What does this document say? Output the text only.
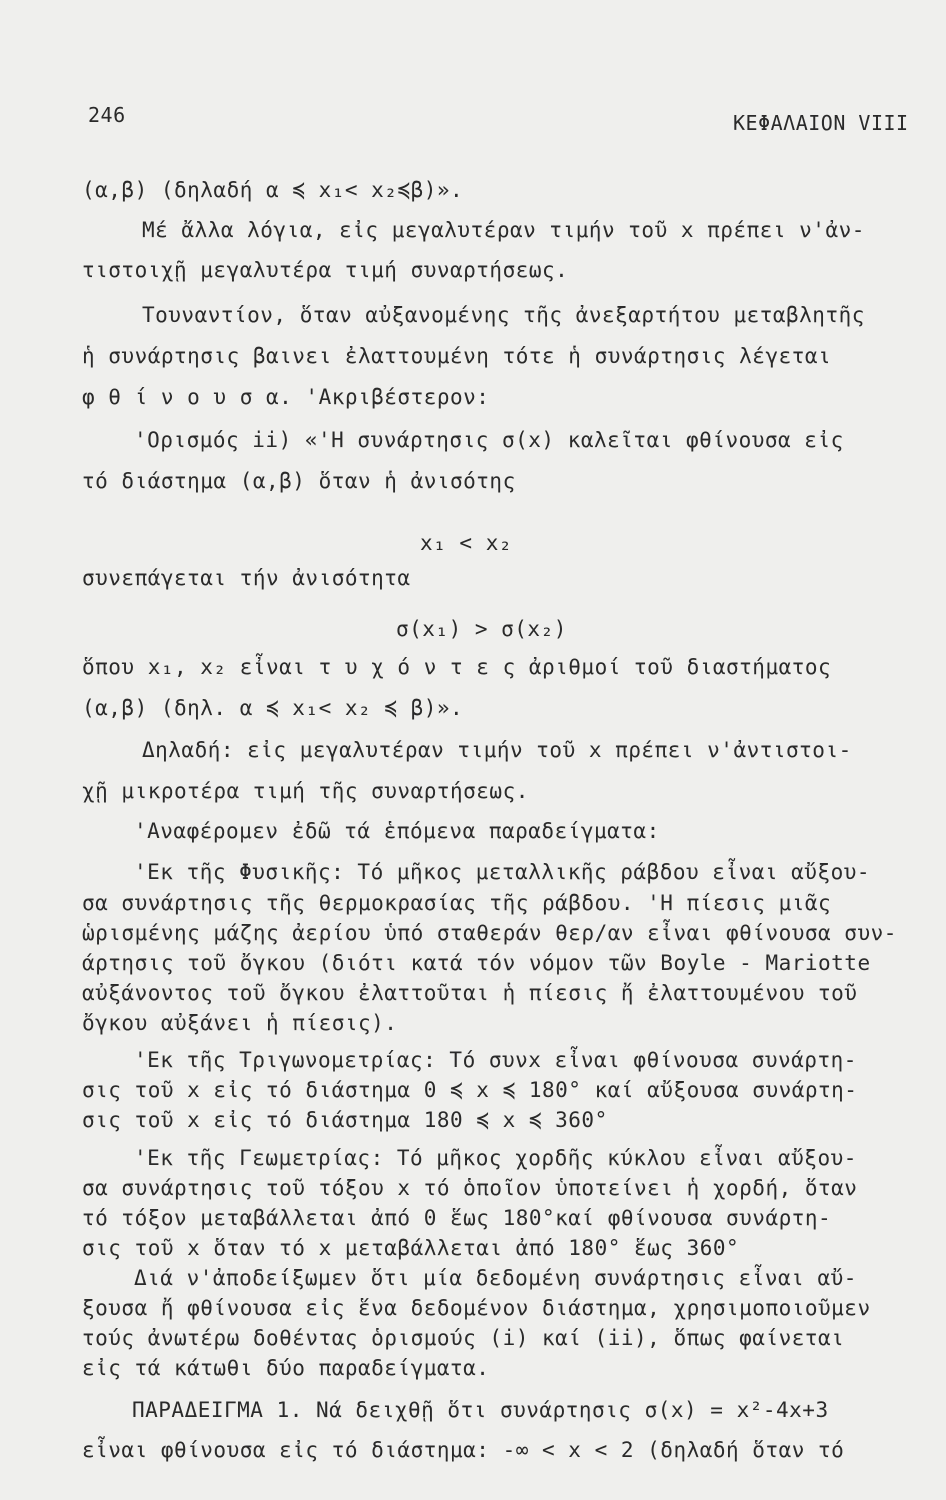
246	ΚΕΦΑΛΑΙΟΝ VIII
(α,β) (δηλαδή α ≼ x₁< x₂≼β)».
Μέ ἄλλα λόγια, εἰς μεγαλυτέραν τιμήν τοῦ x πρέπει ν'ἀν-
τιστοιχῇ μεγαλυτέρα τιμή συναρτήσεως.
Τουναντίον, ὅταν αὐξανομένης τῆς ἀνεξαρτήτου μεταβλητῆς
ἡ συνάρτησις βαινει ἐλαττουμένη τότε ἡ συνάρτησις λέγεται
φ θ ί ν ο υ σ α. 'Ακριβέστερον:
'Ορισμός ii) «'Η συνάρτησις σ(x) καλεῖται φθίνουσα εἰς
τό διάστημα (α,β) ὅταν ἡ ἀνισότης
x₁ < x₂
συνεπάγεται τήν ἀνισότητα
σ(x₁) > σ(x₂)
ὅπου x₁, x₂ εἶναι τ υ χ ό ν τ ε ς ἀριθμοί τοῦ διαστήματος
(α,β) (δηλ. α ≼ x₁< x₂ ≼ β)».
Δηλαδή: εἰς μεγαλυτέραν τιμήν τοῦ x πρέπει ν'ἀντιστοι-
χῇ μικροτέρα τιμή τῆς συναρτήσεως.
'Αναφέρομεν ἐδῶ τά ἑπόμενα παραδείγματα:
'Εκ τῆς Φυσικῆς: Τό μῆκος μεταλλικῆς ράβδου εἶναι αὔξου-
σα συνάρτησις τῆς θερμοκρασίας τῆς ράβδου. 'Η πίεσις μιᾶς
ὡρισμένης μάζης ἀερίου ὑπό σταθεράν θερ/αν εἶναι φθίνουσα συν-
άρτησις τοῦ ὄγκου (διότι κατά τόν νόμον τῶν Boyle - Mariotte
αὐξάνοντος τοῦ ὄγκου ἐλαττοῦται ἡ πίεσις ἤ ἐλαττουμένου τοῦ
ὄγκου αὐξάνει ἡ πίεσις).
'Εκ τῆς Τριγωνομετρίας: Τό συνx εἶναι φθίνουσα συνάρτη-
σις τοῦ x εἰς τό διάστημα 0 ≼ x ≼ 180° καί αὔξουσα συνάρτη-
σις τοῦ x εἰς τό διάστημα 180 ≼ x ≼ 360°
'Εκ τῆς Γεωμετρίας: Τό μῆκος χορδῆς κύκλου εἶναι αὔξου-
σα συνάρτησις τοῦ τόξου x τό ὁποῖον ὑποτείνει ἡ χορδή, ὅταν
τό τόξον μεταβάλλεται ἀπό 0 ἕως 180°καί φθίνουσα συνάρτη-
σις τοῦ x ὅταν τό x μεταβάλλεται ἀπό 180° ἕως 360°
Διά ν'ἀποδείξωμεν ὅτι μία δεδομένη συνάρτησις εἶναι αὔ-
ξουσα ἤ φθίνουσα εἰς ἕνα δεδομένον διάστημα, χρησιμοποιοῦμεν
τούς ἀνωτέρω δοθέντας ὁρισμούς (i) καί (ii), ὅπως φαίνεται
εἰς τά κάτωθι δύο παραδείγματα.
ΠΑΡΑΔΕΙΓΜΑ 1. Νά δειχθῇ ὅτι συνάρτησις σ(x) = x²-4x+3
εἶναι φθίνουσα εἰς τό διάστημα: -∞ < x < 2 (δηλαδή ὅταν τό
